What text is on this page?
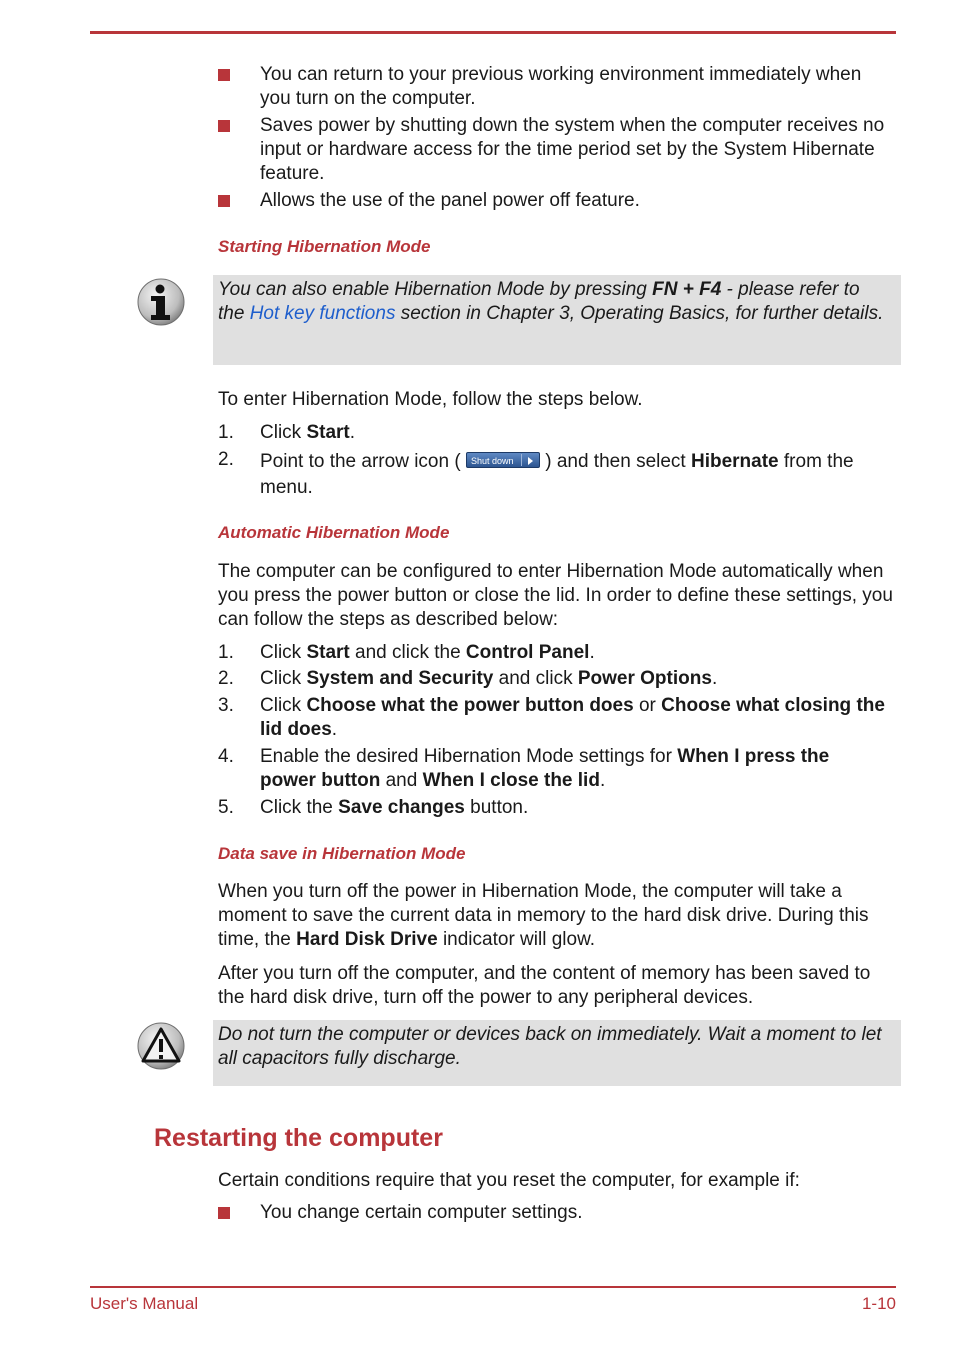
You can return to your previous working environment immediately when you turn on the computer.
Saves power by shutting down the system when the computer receives no input or hardware access for the time period set by the System Hibernate feature.
Allows the use of the panel power off feature.
Starting Hibernation Mode
You can also enable Hibernation Mode by pressing FN + F4 - please refer to the Hot key functions section in Chapter 3, Operating Basics, for further details.
To enter Hibernation Mode, follow the steps below.
1. Click Start.
2. Point to the arrow icon ( Shut down ) and then select Hibernate from the menu.
Automatic Hibernation Mode
The computer can be configured to enter Hibernation Mode automatically when you press the power button or close the lid. In order to define these settings, you can follow the steps as described below:
1. Click Start and click the Control Panel.
2. Click System and Security and click Power Options.
3. Click Choose what the power button does or Choose what closing the lid does.
4. Enable the desired Hibernation Mode settings for When I press the power button and When I close the lid.
5. Click the Save changes button.
Data save in Hibernation Mode
When you turn off the power in Hibernation Mode, the computer will take a moment to save the current data in memory to the hard disk drive. During this time, the Hard Disk Drive indicator will glow.
After you turn off the computer, and the content of memory has been saved to the hard disk drive, turn off the power to any peripheral devices.
Do not turn the computer or devices back on immediately. Wait a moment to let all capacitors fully discharge.
Restarting the computer
Certain conditions require that you reset the computer, for example if:
You change certain computer settings.
User's Manual	1-10
